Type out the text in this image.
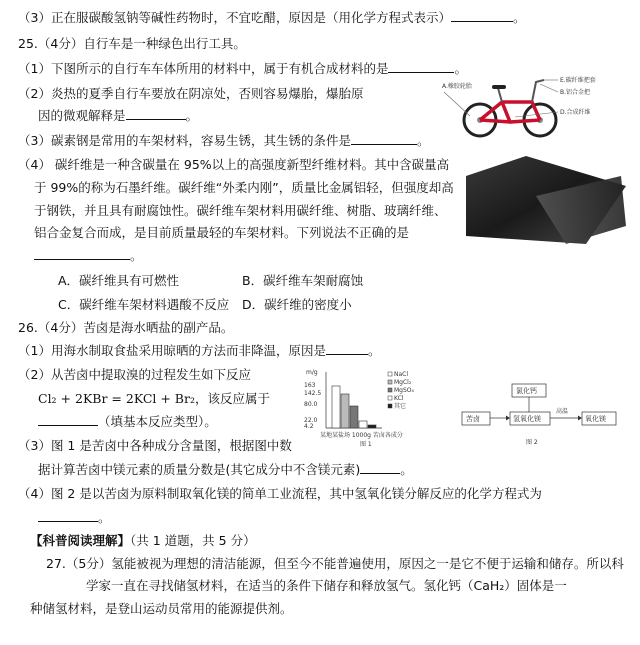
（3）正在服碳酸氢钠等碱性药物时，不宜吃醋，原因是（用化学方程式表示）	。
25.（4分）自行车是一种绿色出行工具。
（1）下图所示的自行车车体所用的材料中，属于有机合成材料的是	。
（2）炎热的夏季自行车要放在阴凉处，否则容易爆胎，爆胎原
因的微观解释是	。
（3）碳素钢是常用的车架材料，容易生锈，其生锈的条件是	。
A.橡胶轮胎
E.碳纤维把套
B.铝合金把
D.合成纤维
（4） 碳纤维是一种含碳量在 95%以上的高强度新型纤维材料。其中含碳量高
于 99%的称为石墨纤维。碳纤维“外柔内刚”，质量比金属铝轻，但强度却高
于钢铁，并且具有耐腐蚀性。碳纤维车架材料用碳纤维、树脂、玻璃纤维、
铝合金复合而成，是目前质量最轻的车架材料。下列说法不正确的是
。
A．碳纤维具有可燃性	B．碳纤维车架耐腐蚀
C．碳纤维车架材料遇酸不反应 D．碳纤维的密度小
26.（4分）苦卤是海水晒盐的副产品。
（1）用海水制取食盐采用晾晒的方法而非降温，原因是	。
（2）从苦卤中提取溴的过程发生如下反应
Cl₂ + 2KBr = 2KCl + Br₂，该反应属于
（填基本反应类型）。
（3）图 1 是苦卤中各种成分含量图，根据图中数
据计算苦卤中镁元素的质量分数是(其它成分中不含镁元素)	。
（4）图 2 是以苦卤为原料制取氧化镁的简单工业流程，其中氢氧化镁分解反应的化学方程式为
。
m/g
163
142.5
80.0
22.0
4.2
NaCl
MgCl₂
MgSO₄
KCl
其它
某地某盐场 1000g 苦卤各成分
图 1
氯化钙
苦卤	氢氧化镁
高温
氧化镁
图 2
【科普阅读理解】（共 1 道题，共 5 分）
27.（5分）氢能被视为理想的清洁能源，但至今不能普遍使用，原因之一是它不便于运输和储存。所以科
学家一直在寻找储氢材料，在适当的条件下储存和释放氢气。氢化钙（CaH₂）固体是一
种储氢材料，是登山运动员常用的能源提供剂。
